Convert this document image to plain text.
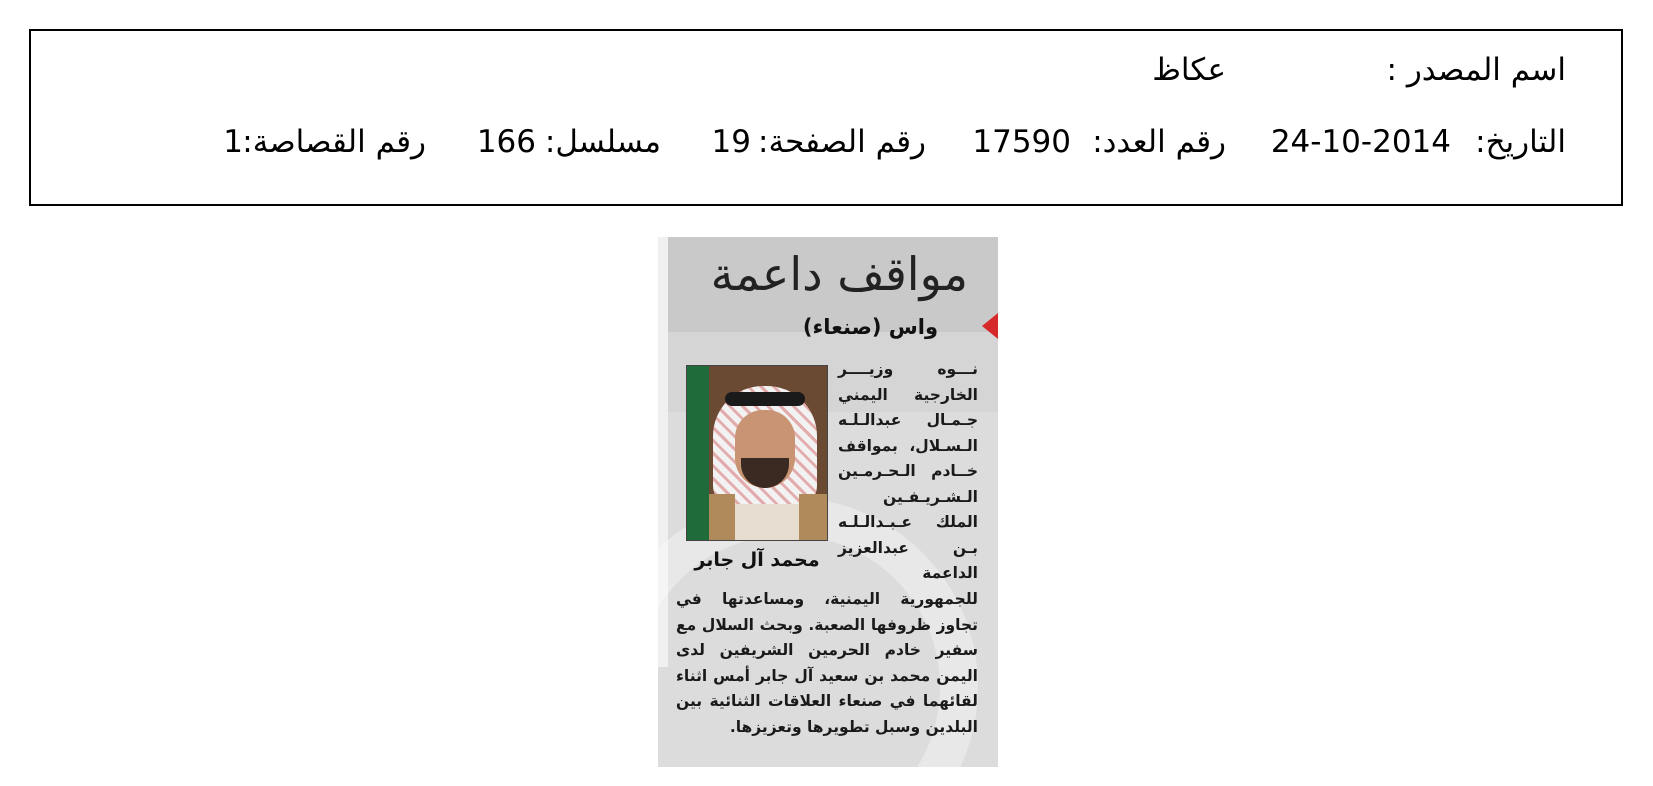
اسم المصدر :
عكاظ
التاريخ:
24-10-2014
رقم العدد:
17590
رقم الصفحة:
19
مسلسل:
166
رقم القصاصة:
1
مواقف داعمة
واس (صنعاء)
محمد آل جابر
نـــوه وزيــــر الخارجية اليمني جـمـال عبدالـلـه الـسـلال، بمواقف خــادم الـحـرمـين الـشـريـفـين الملك عـبـدالـلـه بـن عبدالعزيز الداعمة
للجمهورية اليمنية، ومساعدتها في تجاوز ظروفها الصعبة. وبحث السلال مع سفير خادم الحرمين الشريفين لدى اليمن محمد بن سعيد آل جابر أمس اثناء لقائهما في صنعاء العلاقات الثنائية بين البلدين وسبل تطويرها وتعزيزها.
